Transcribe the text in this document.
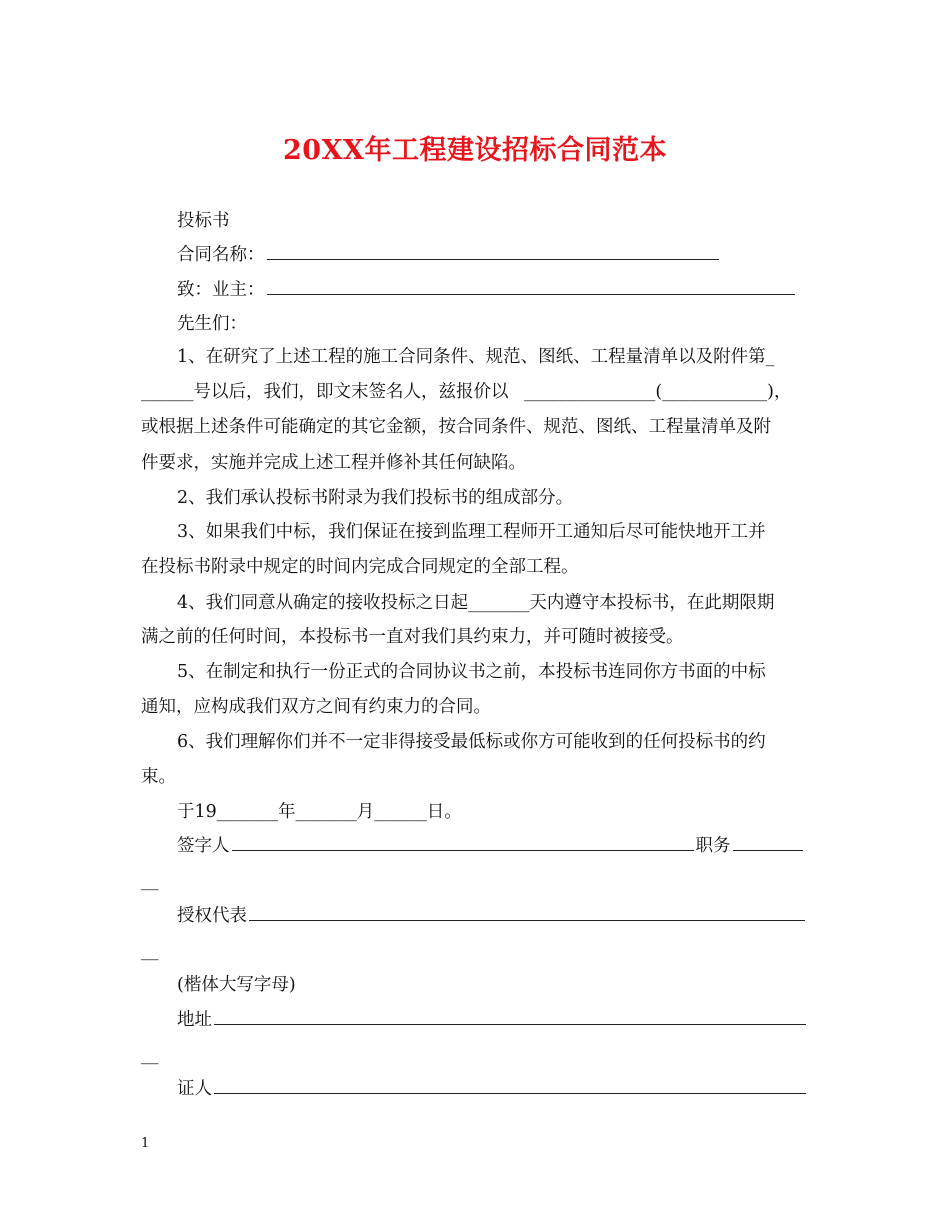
20XX年工程建设招标合同范本
投标书
合同名称：
致：业主：
先生们：
1、在研究了上述工程的施工合同条件、规范、图纸、工程量清单以及附件第_
______号以后，我们，即文末签名人，兹报价以 _______________(____________)，
或根据上述条件可能确定的其它金额，按合同条件、规范、图纸、工程量清单及附
件要求，实施并完成上述工程并修补其任何缺陷。
2、我们承认投标书附录为我们投标书的组成部分。
3、如果我们中标，我们保证在接到监理工程师开工通知后尽可能快地开工并
在投标书附录中规定的时间内完成合同规定的全部工程。
4、我们同意从确定的接收投标之日起_______天内遵守本投标书，在此期限期
满之前的任何时间，本投标书一直对我们具约束力，并可随时被接受。
5、在制定和执行一份正式的合同协议书之前，本投标书连同你方书面的中标
通知，应构成我们双方之间有约束力的合同。
6、我们理解你们并不一定非得接受最低标或你方可能收到的任何投标书的约
束。
于19_______年_______月______日。
签字人	职务
__
授权代表
__
(楷体大写字母)
地址
__
证人
1
